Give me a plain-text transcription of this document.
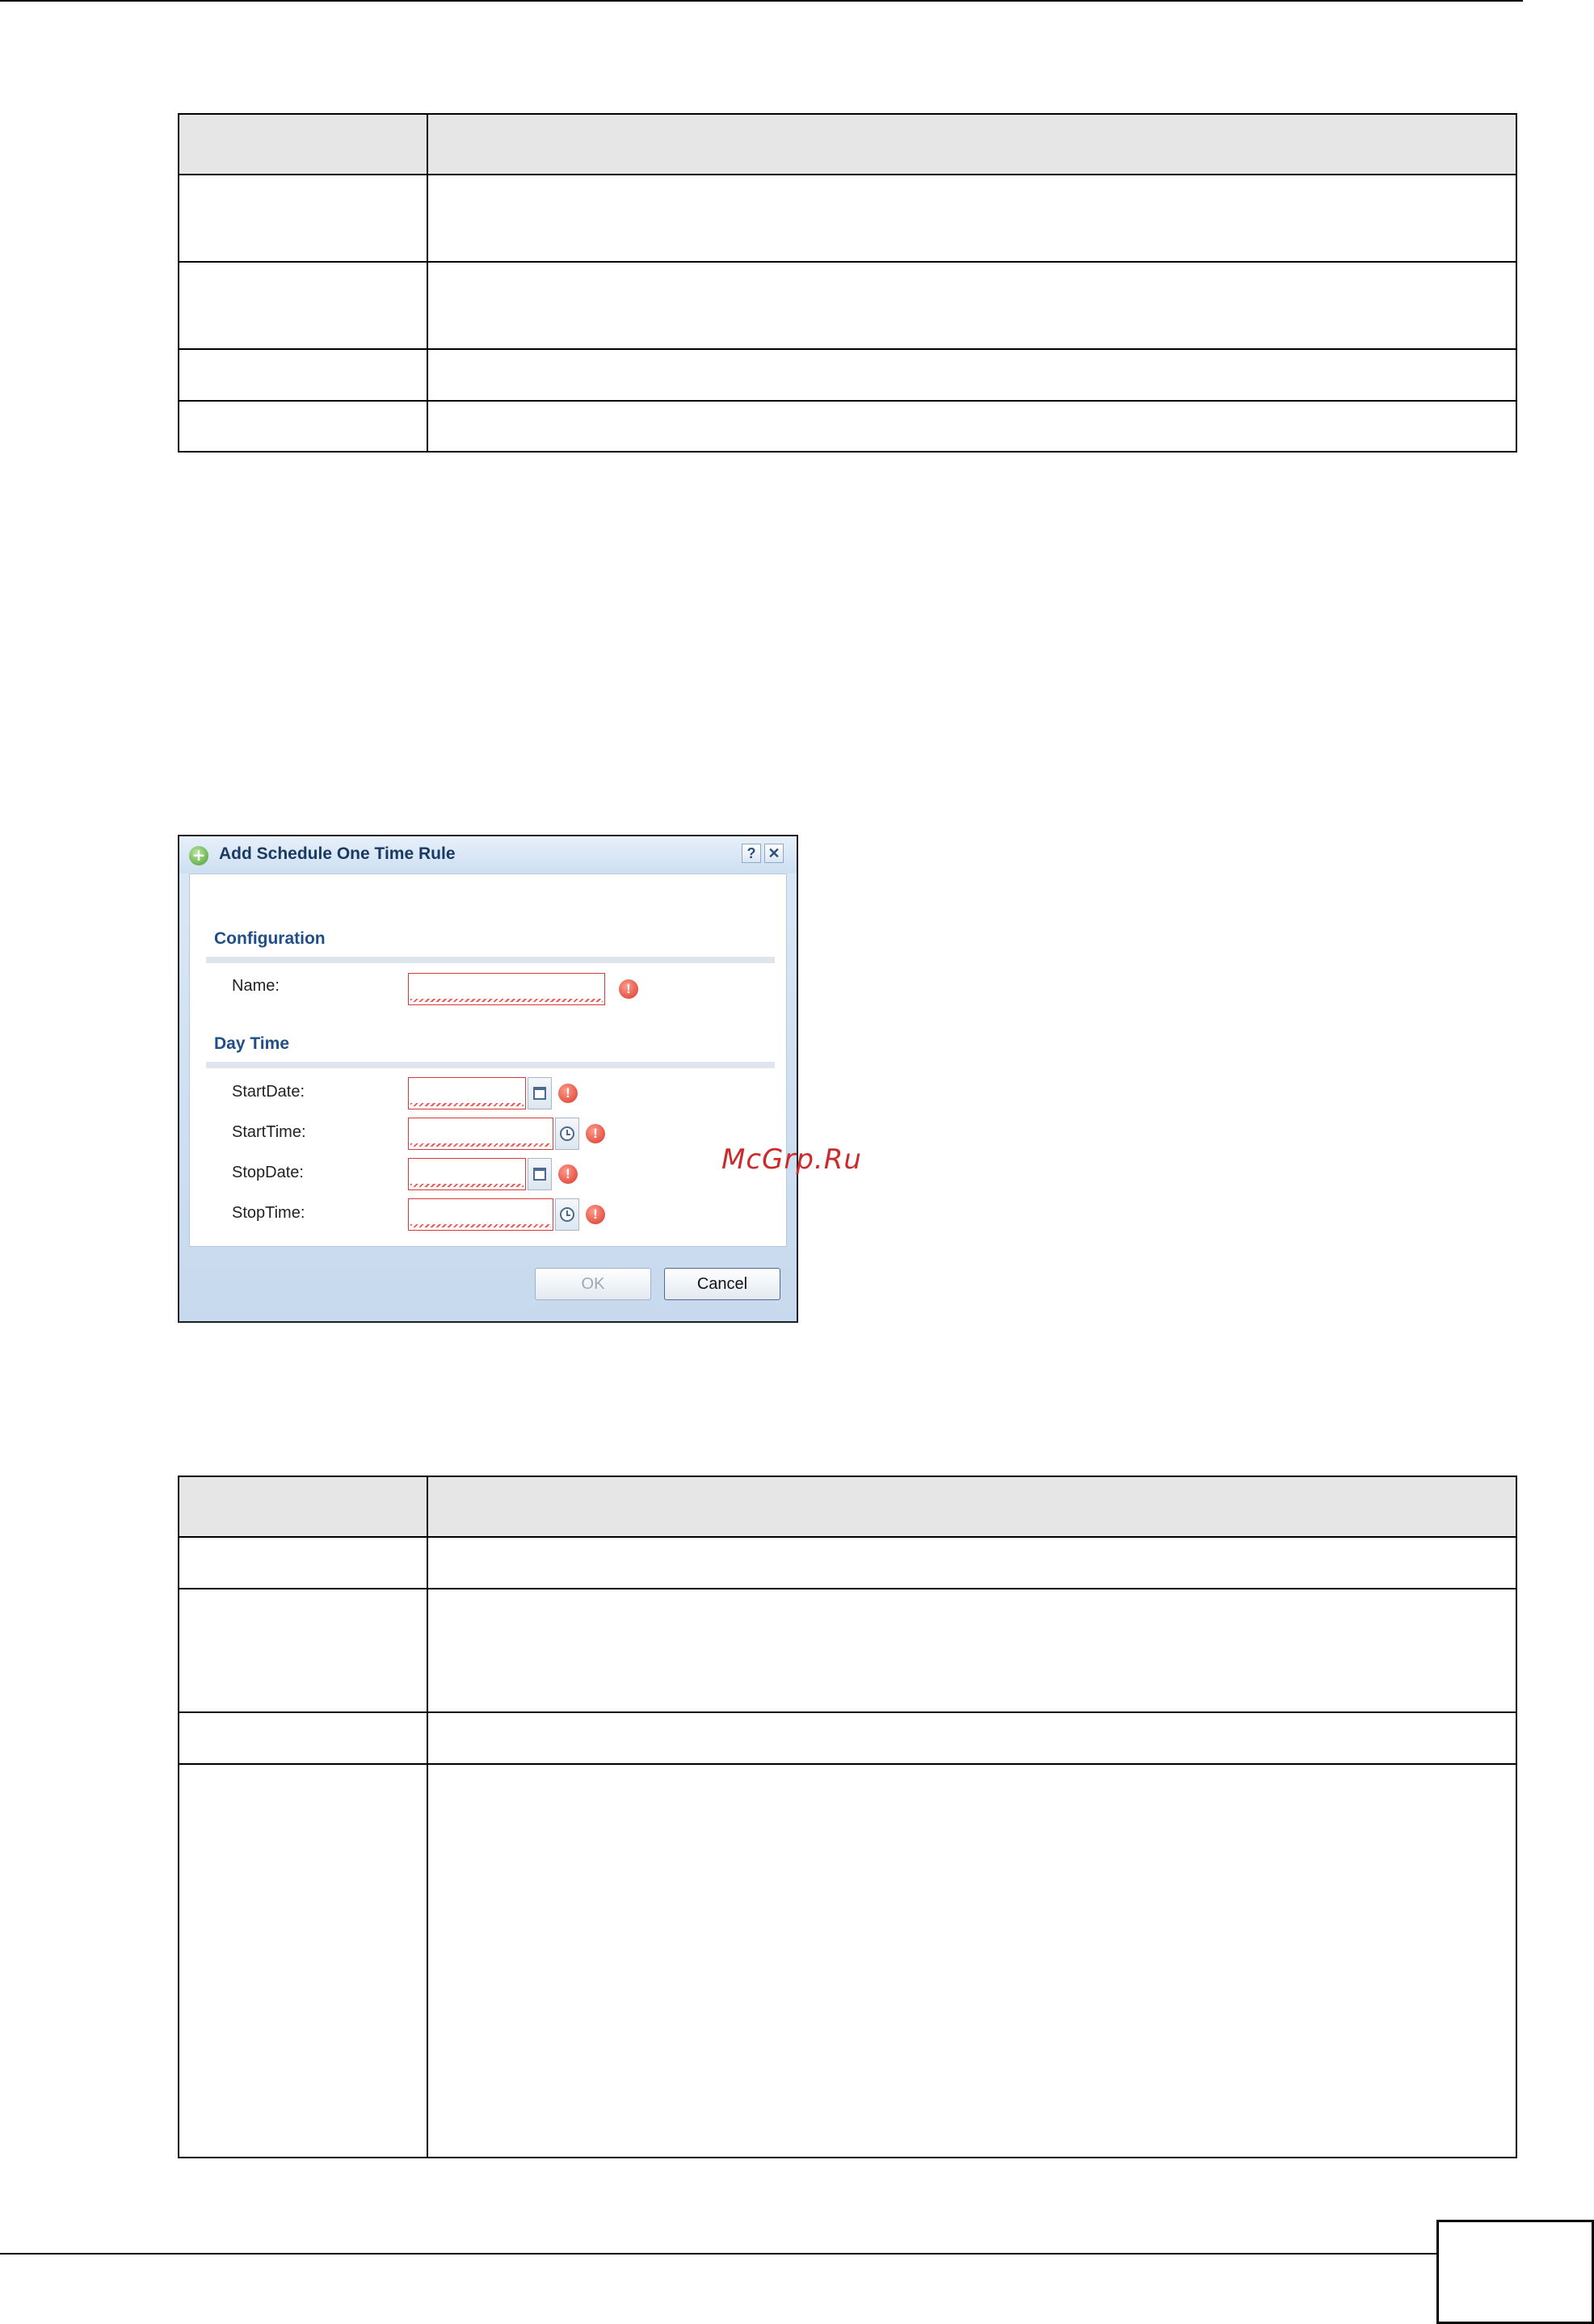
+ Add Schedule One Time Rule	? ✕
Configuration
Name:	!
Day Time
StartDate:	!
StartTime:	!
StopDate:	!
StopTime:	!
OK	Cancel
McGrp.Ru
